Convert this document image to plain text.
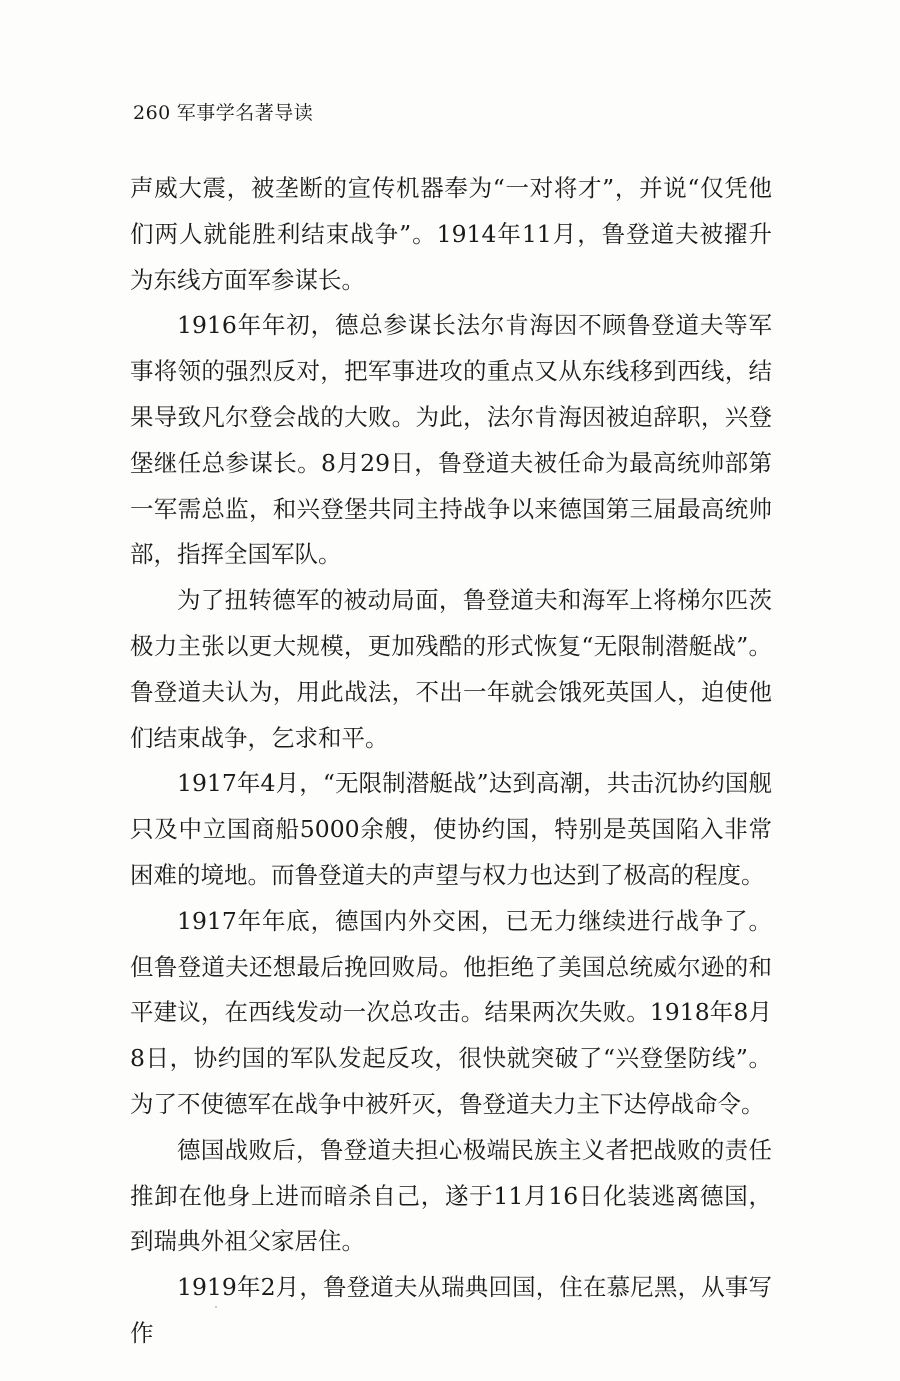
260 军事学名著导读

声威大震，被垄断的宣传机器奉为“一对将才”，并说“仅凭他们两人就能胜利结束战争”。1914年11月，鲁登道夫被擢升为东线方面军参谋长。

1916年年初，德总参谋长法尔肯海因不顾鲁登道夫等军事将领的强烈反对，把军事进攻的重点又从东线移到西线，结果导致凡尔登会战的大败。为此，法尔肯海因被迫辞职，兴登堡继任总参谋长。8月29日，鲁登道夫被任命为最高统帅部第一军需总监，和兴登堡共同主持战争以来德国第三届最高统帅部，指挥全国军队。

为了扭转德军的被动局面，鲁登道夫和海军上将梯尔匹茨极力主张以更大规模，更加残酷的形式恢复“无限制潜艇战”。鲁登道夫认为，用此战法，不出一年就会饿死英国人，迫使他们结束战争，乞求和平。

1917年4月，“无限制潜艇战”达到高潮，共击沉协约国舰只及中立国商船5000余艘，使协约国，特别是英国陷入非常困难的境地。而鲁登道夫的声望与权力也达到了极高的程度。

1917年年底，德国内外交困，已无力继续进行战争了。但鲁登道夫还想最后挽回败局。他拒绝了美国总统威尔逊的和平建议，在西线发动一次总攻击。结果两次失败。1918年8月8日，协约国的军队发起反攻，很快就突破了“兴登堡防线”。为了不使德军在战争中被歼灭，鲁登道夫力主下达停战命令。

德国战败后，鲁登道夫担心极端民族主义者把战败的责任推卸在他身上进而暗杀自己，遂于11月16日化装逃离德国，到瑞典外祖父家居住。

1919年2月，鲁登道夫从瑞典回国，住在慕尼黑，从事写作
